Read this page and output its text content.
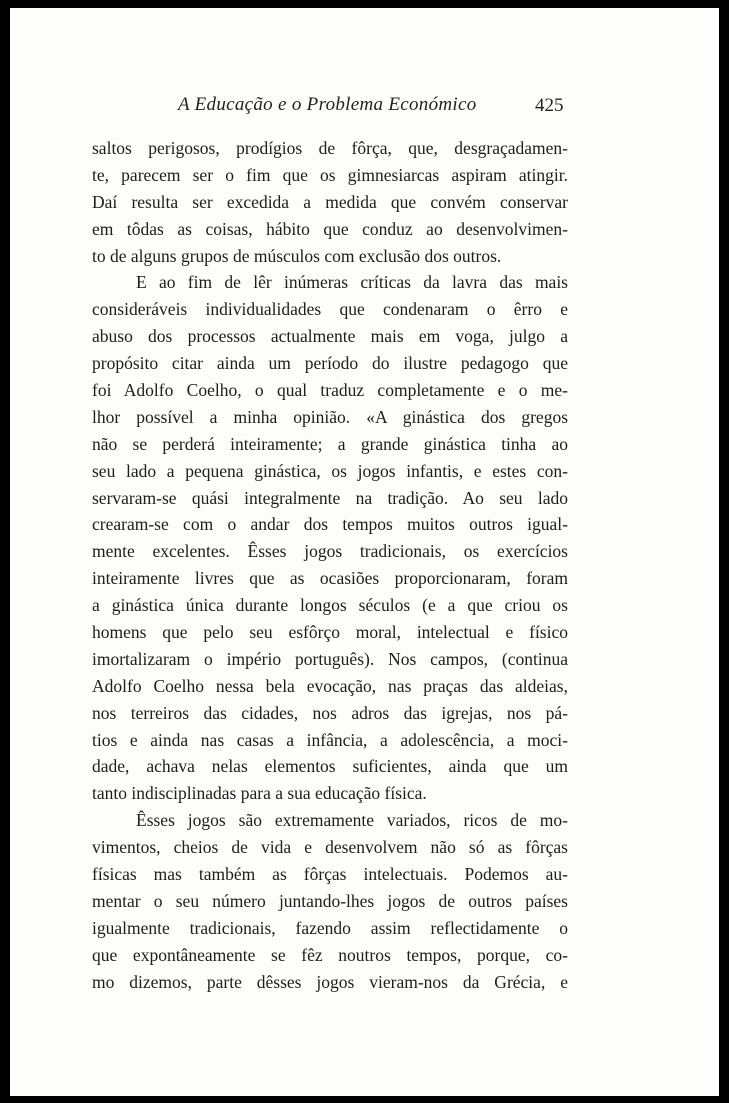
A Educação e o Problema Económico	425
saltos perigosos, prodígios de fôrça, que, desgraçadamen-
te, parecem ser o fim que os gimnesiarcas aspiram atingir.
Daí resulta ser excedida a medida que convém conservar
em tôdas as coisas, hábito que conduz ao desenvolvimen-
to de alguns grupos de músculos com exclusão dos outros.
E ao fim de lêr inúmeras críticas da lavra das mais
consideráveis individualidades que condenaram o êrro e
abuso dos processos actualmente mais em voga, julgo a
propósito citar ainda um período do ilustre pedagogo que
foi Adolfo Coelho, o qual traduz completamente e o me-
lhor possível a minha opinião. «A ginástica dos gregos
não se perderá inteiramente; a grande ginástica tinha ao
seu lado a pequena ginástica, os jogos infantis, e estes con-
servaram-se quási integralmente na tradição. Ao seu lado
crearam-se com o andar dos tempos muitos outros igual-
mente excelentes. Êsses jogos tradicionais, os exercícios
inteiramente livres que as ocasiões proporcionaram, foram
a ginástica única durante longos séculos (e a que criou os
homens que pelo seu esfôrço moral, intelectual e físico
imortalizaram o império português). Nos campos, (continua
Adolfo Coelho nessa bela evocação, nas praças das aldeias,
nos terreiros das cidades, nos adros das igrejas, nos pá-
tios e ainda nas casas a infância, a adolescência, a moci-
dade, achava nelas elementos suficientes, ainda que um
tanto indisciplinadas para a sua educação física.
Êsses jogos são extremamente variados, ricos de mo-
vimentos, cheios de vida e desenvolvem não só as fôrças
físicas mas também as fôrças intelectuais. Podemos au-
mentar o seu número juntando-lhes jogos de outros países
igualmente tradicionais, fazendo assim reflectidamente o
que expontâneamente se fêz noutros tempos, porque, co-
mo dizemos, parte dêsses jogos vieram-nos da Grécia, e
